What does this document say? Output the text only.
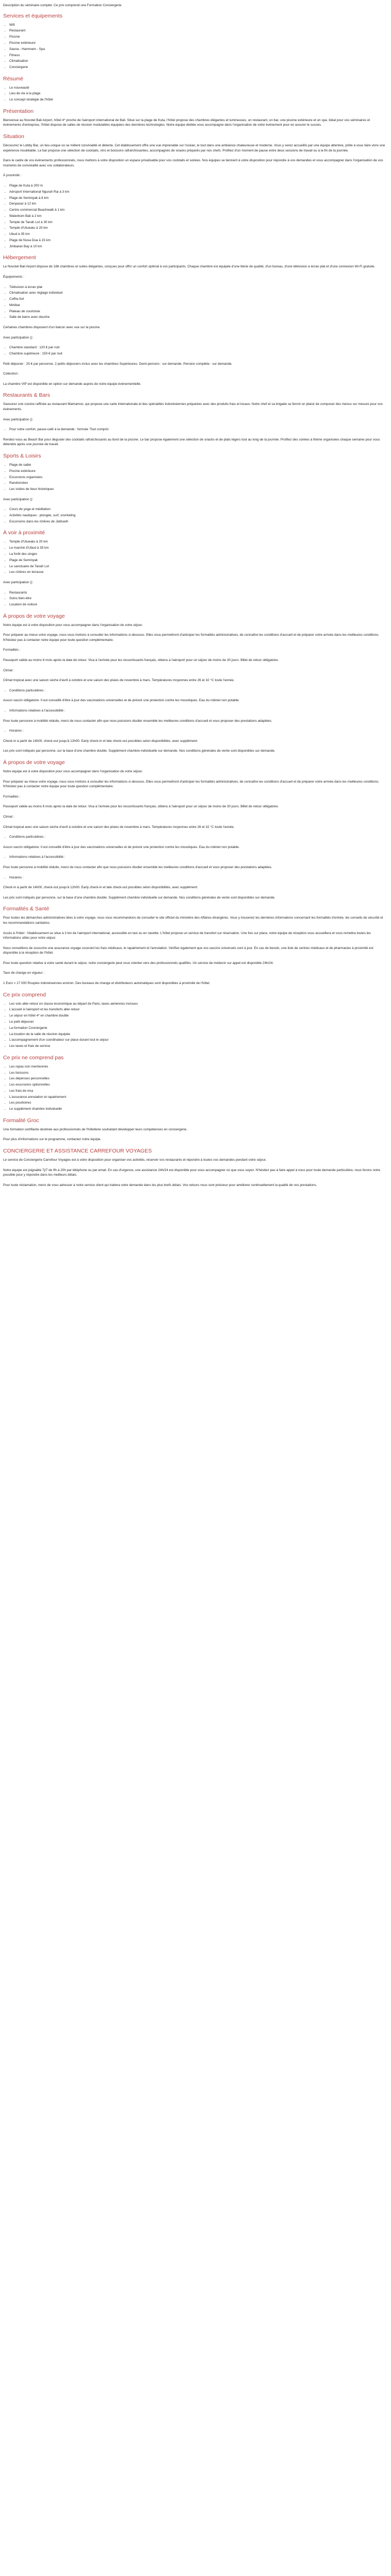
Description du séminaire complet. Ce prix comprend une Formation Conciergerie

Services et équipements
• Wifi
• Restaurant
• Piscine
• Piscine extérieure
• Sauna - Hammam - Spa
• Fitness
• Climatisation
• Conciergerie
Résumé
• Le nouveauté
• Lieu de vie à la plage
• Le concept stratégie de l'hôtel
Présentation

Bienvenue au Novotel Bali Airport, hôtel 4* proche de l'aéroport international de Bali. Situé sur la plage de Kuta, l'hôtel propose des chambres élégantes et lumineuses, un restaurant, un bar, une piscine extérieure et un spa. Idéal pour vos séminaires et événements d'entreprise, l'hôtel dispose de salles de réunion modulables équipées des dernières technologies. Notre équipe dédiée vous accompagne dans l'organisation de votre événement pour en assurer le succès.

Situation

Découvrez le Lobby Bar, un lieu unique où se mêlent convivialité et détente. Cet établissement offre une vue imprenable sur l'océan, le tout dans une ambiance chaleureuse et moderne. Vous y serez accueillis par une équipe attentive, prête à vous faire vivre une expérience inoubliable. Le bar propose une sélection de cocktails, vins et boissons rafraîchissantes, accompagnés de snacks préparés par nos chefs. Profitez d'un moment de pause entre deux sessions de travail ou à la fin de la journée.

Dans le cadre de vos événements professionnels, nous mettons à votre disposition un espace privatisable pour vos cocktails et soirées. Nos équipes se tiennent à votre disposition pour répondre à vos demandes et vous accompagner dans l'organisation de vos moments de convivialité avec vos collaborateurs.

À proximité :

• Plage de Kuta à 200 m
• Aéroport International Ngurah Rai à 3 km
• Plage de Seminyak à 8 km
• Denpasar à 12 km
• Centre commercial Beachwalk à 1 km
• Waterbom Bali à 2 km
• Temple de Tanah Lot à 30 km
• Temple d'Uluwatu à 20 km
• Ubud à 35 km
• Plage de Nusa Dua à 15 km
• Jimbaran Bay à 10 km
Hébergement

Le Novotel Bali Airport dispose de 188 chambres et suites élégantes, conçues pour offrir un confort optimal à vos participants. Chaque chambre est équipée d'une literie de qualité, d'un bureau, d'une télévision à écran plat et d'une connexion Wi-Fi gratuite.

Équipements :

• Télévision à écran plat
• Climatisation avec réglage individuel
• Coffre-fort
• Minibar
• Plateau de courtoisie
• Salle de bains avec douche

Certaines chambres disposent d'un balcon avec vue sur la piscine.

Avec participation ():

• Chambre standard : 120 € par nuit
• Chambre supérieure : 150 € par nuit

Petit déjeuner : 25 € par personne. 2 petits déjeuners inclus avec les chambres Supérieures. Demi-pension : sur demande. Pension complète : sur demande.

Collection :

La chambre VIP est disponible en option sur demande auprès de notre équipe événementielle.

Restaurants & Bars

Savourez une cuisine raffinée au restaurant Mamamoo, qui propose une carte internationale et des spécialités indonésiennes préparées avec des produits frais et locaux. Notre chef et sa brigade se feront un plaisir de composer des menus sur mesure pour vos événements.

Avec participation ():

• Pour votre confort, pause-café à la demande : formule 'Tout compris'

Rendez-vous au Beach Bar pour déguster des cocktails rafraîchissants au bord de la piscine. Le bar propose également une sélection de snacks et de plats légers tout au long de la journée. Profitez des soirées à thème organisées chaque semaine pour vous détendre après une journée de travail.

Sports & Loisirs
• Plage de sable
• Piscine extérieure
• Excursions organisées
• Randonnées
• Les visites de lieux historiques

Avec participation ():

• Cours de yoga et méditation
• Activités nautiques : plongée, surf, snorkeling
• Excursions dans les rizières de Jatiluwih
À voir à proximité
• Temple d'Uluwatu à 20 km
• Le marché d'Ubud à 35 km
• La forêt des singes
• Plage de Seminyak
• Le sanctuaire de Tanah Lot
• Les rizières en terrasse

Avec participation ():

• Restaurants
• Soins bien-être
• Location de voiture
À propos de votre voyage

Notre équipe est à votre disposition pour vous accompagner dans l'organisation de votre séjour.

Pour préparer au mieux votre voyage, nous vous invitons à consulter les informations ci-dessous. Elles vous permettront d'anticiper les formalités administratives, de connaître les conditions d'accueil et de préparer votre arrivée dans les meilleures conditions. N'hésitez pas à contacter notre équipe pour toute question complémentaire.

Formalités :

Passeport valide au moins 6 mois après la date de retour. Visa à l'arrivée pour les ressortissants français, obtenu à l'aéroport pour un séjour de moins de 30 jours. Billet de retour obligatoire.

Climat :

Climat tropical avec une saison sèche d'avril à octobre et une saison des pluies de novembre à mars. Températures moyennes entre 26 et 32 °C toute l'année.

• Conditions particulières :

Aucun vaccin obligatoire. Il est conseillé d'être à jour des vaccinations universelles et de prévoir une protection contre les moustiques. Eau du robinet non potable.

• Informations relatives à l'accessibilité :

Pour toute personne à mobilité réduite, merci de nous contacter afin que nous puissions étudier ensemble les meilleures conditions d'accueil et vous proposer des prestations adaptées.

• Horaires :

Check-in à partir de 14h00, check-out jusqu'à 12h00. Early check-in et late check-out possibles selon disponibilités, avec supplément.

Les prix sont indiqués par personne, sur la base d'une chambre double. Supplément chambre individuelle sur demande. Nos conditions générales de vente sont disponibles sur demande.

À propos de votre voyage

Notre équipe est à votre disposition pour vous accompagner dans l'organisation de votre séjour.

Pour préparer au mieux votre voyage, nous vous invitons à consulter les informations ci-dessous. Elles vous permettront d'anticiper les formalités administratives, de connaître les conditions d'accueil et de préparer votre arrivée dans les meilleures conditions. N'hésitez pas à contacter notre équipe pour toute question complémentaire.

Formalités :

Passeport valide au moins 6 mois après la date de retour. Visa à l'arrivée pour les ressortissants français, obtenu à l'aéroport pour un séjour de moins de 30 jours. Billet de retour obligatoire.

Climat :

Climat tropical avec une saison sèche d'avril à octobre et une saison des pluies de novembre à mars. Températures moyennes entre 26 et 32 °C toute l'année.

• Conditions particulières :

Aucun vaccin obligatoire. Il est conseillé d'être à jour des vaccinations universelles et de prévoir une protection contre les moustiques. Eau du robinet non potable.

• Informations relatives à l'accessibilité :

Pour toute personne à mobilité réduite, merci de nous contacter afin que nous puissions étudier ensemble les meilleures conditions d'accueil et vous proposer des prestations adaptées.

• Horaires :

Check-in à partir de 14h00, check-out jusqu'à 12h00. Early check-in et late check-out possibles selon disponibilités, avec supplément.

Les prix sont indiqués par personne, sur la base d'une chambre double. Supplément chambre individuelle sur demande. Nos conditions générales de vente sont disponibles sur demande.

Formalités & Santé

Pour toutes les démarches administratives liées à votre voyage, nous vous recommandons de consulter le site officiel du ministère des Affaires étrangères. Vous y trouverez les dernières informations concernant les formalités d'entrée, les conseils de sécurité et les recommandations sanitaires.

Accès à l'hôtel : l'établissement se situe à 3 km de l'aéroport international, accessible en taxi ou en navette. L'hôtel propose un service de transfert sur réservation. Une fois sur place, notre équipe de réception vous accueillera et vous remettra toutes les informations utiles pour votre séjour.

Nous conseillons de souscrire une assurance voyage couvrant les frais médicaux, le rapatriement et l'annulation. Vérifiez également que vos vaccins universels sont à jour. En cas de besoin, une liste de centres médicaux et de pharmacies à proximité est disponible à la réception de l'hôtel.

Pour toute question relative à votre santé durant le séjour, notre conciergerie peut vous orienter vers des professionnels qualifiés. Un service de médecin sur appel est disponible 24h/24.

Taux de change en vigueur :

1 Euro = 17 000 Roupies indonésiennes environ. Des bureaux de change et distributeurs automatiques sont disponibles à proximité de l'hôtel.

Ce prix comprend
• Les vols aller-retour en classe économique au départ de Paris, taxes aériennes incluses
• L'accueil à l'aéroport et les transferts aller-retour
• Le séjour en hôtel 4* en chambre double
• Le petit déjeuner
• La formation Conciergerie
• La location de la salle de réunion équipée
• L'accompagnement d'un coordinateur sur place durant tout le séjour
• Les taxes et frais de service
Ce prix ne comprend pas
• Les repas non mentionnés
• Les boissons
• Les dépenses personnelles
• Les excursions optionnelles
• Les frais de visa
• L'assurance annulation et rapatriement
• Les pourboires
• Le supplément chambre individuelle
Formalité Groc

Une formation certifiante destinée aux professionnels de l'hôtellerie souhaitant développer leurs compétences en conciergerie.

Pour plus d'informations sur le programme, contactez notre équipe.

CONCIERGERIE ET ASSISTANCE CARREFOUR VOYAGES

Le service de Conciergerie Carrefour Voyages est à votre disposition pour organiser vos activités, réserver vos restaurants et répondre à toutes vos demandes pendant votre séjour.

Notre équipe est joignable 7j/7 de 9h à 20h par téléphone ou par email. En cas d'urgence, une assistance 24h/24 est disponible pour vous accompagner où que vous soyez. N'hésitez pas à faire appel à nous pour toute demande particulière, nous ferons notre possible pour y répondre dans les meilleurs délais.

Pour toute réclamation, merci de vous adresser à notre service client qui traitera votre demande dans les plus brefs délais. Vos retours nous sont précieux pour améliorer continuellement la qualité de nos prestations.
